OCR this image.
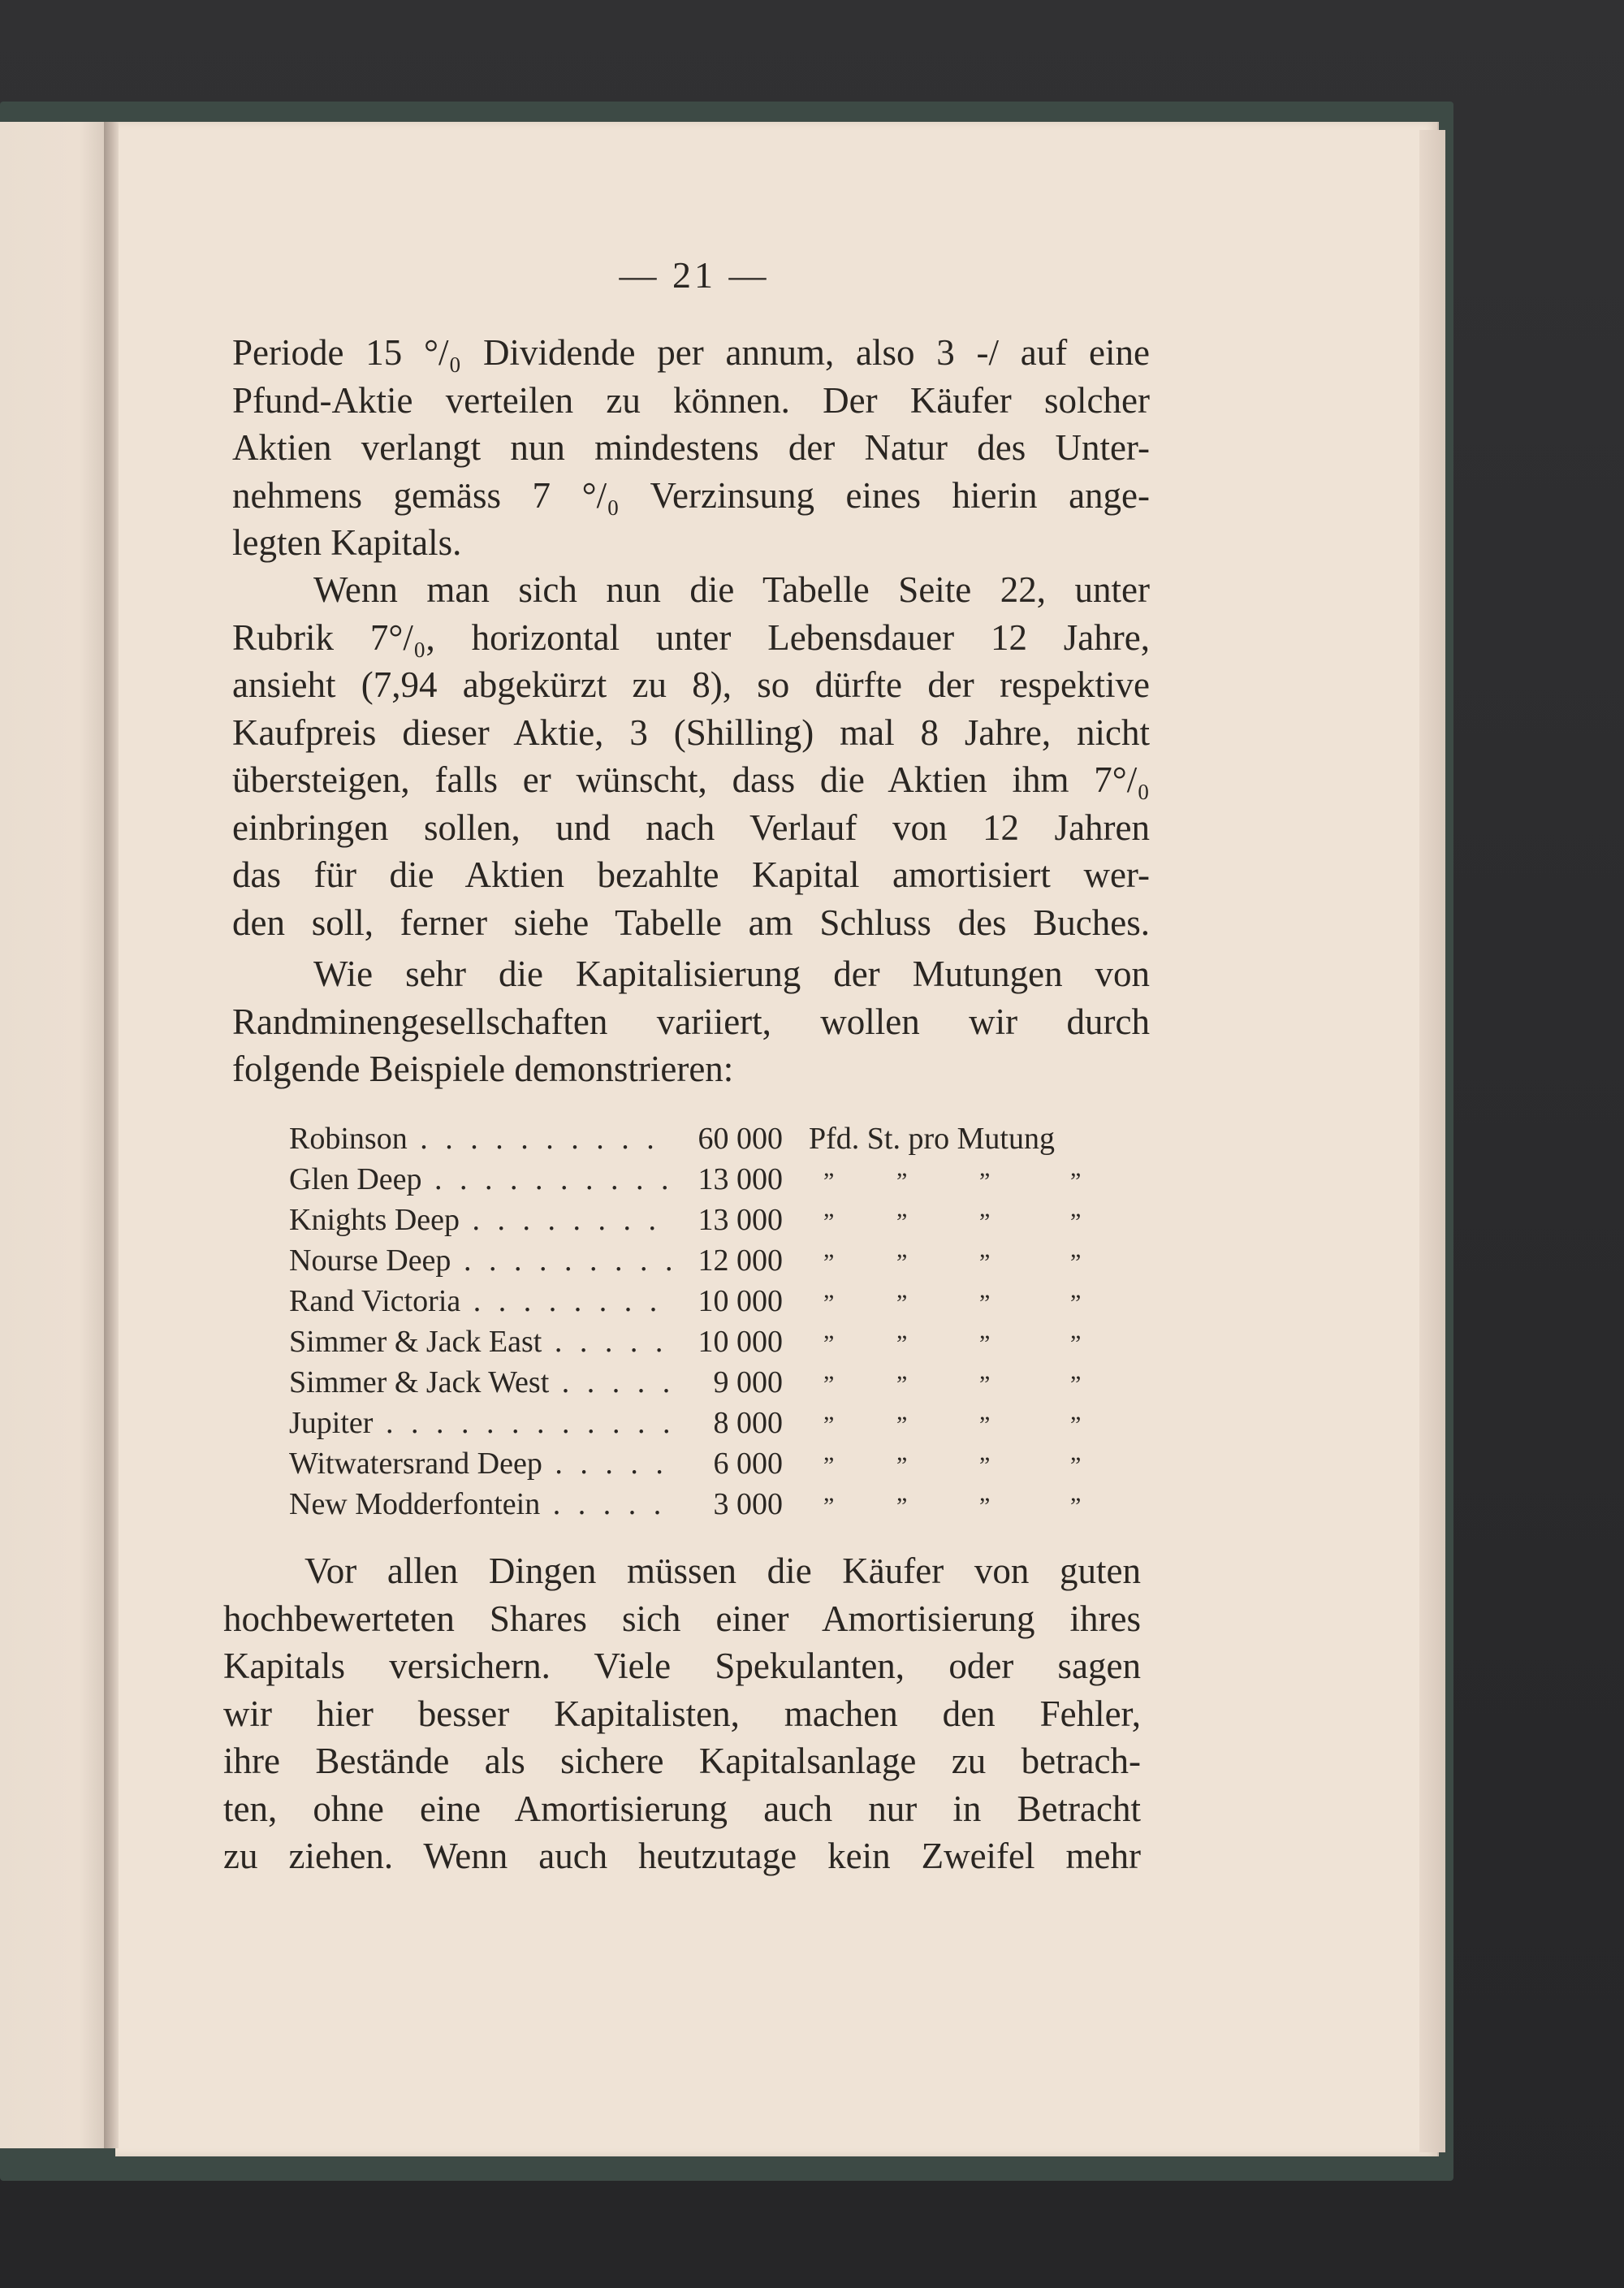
— 21 —
Periode 15 °/₀ Dividende per annum, also 3 -/ auf eine
Pfund-Aktie verteilen zu können. Der Käufer solcher
Aktien verlangt nun mindestens der Natur des Unter-
nehmens gemäss 7 °/₀ Verzinsung eines hierin ange-
legten Kapitals.
Wenn man sich nun die Tabelle Seite 22, unter
Rubrik 7°/₀, horizontal unter Lebensdauer 12 Jahre,
ansieht (7,94 abgekürzt zu 8), so dürfte der respektive
Kaufpreis dieser Aktie, 3 (Shilling) mal 8 Jahre, nicht
übersteigen, falls er wünscht, dass die Aktien ihm 7°/₀
einbringen sollen, und nach Verlauf von 12 Jahren
das für die Aktien bezahlte Kapital amortisiert wer-
den soll, ferner siehe Tabelle am Schluss des Buches.
Wie sehr die Kapitalisierung der Mutungen von
Randminengesellschaften variiert, wollen wir durch
folgende Beispiele demonstrieren:
Robinson . . .	60 000 Pfd. St. pro Mutung
Glen Deep . . .	13 000 ”	”	”	”
Knights Deep . . .	13 000 ”	”	”	”
Nourse Deep . . .	12 000 ”	”	”	”
Rand Victoria . . .	10 000 ”	”	”	”
Simmer & Jack East . . .	10 000 ”	”	”	”
Simmer & Jack West . . .	9 000 ”	”	”	”
Jupiter . . .	8 000 ”	”	”	”
Witwatersrand Deep . . .	6 000 ”	”	”	”
New Modderfontein . . .	3 000 ”	”	”	”
Vor allen Dingen müssen die Käufer von guten
hochbewerteten Shares sich einer Amortisierung ihres
Kapitals versichern. Viele Spekulanten, oder sagen
wir hier besser Kapitalisten, machen den Fehler,
ihre Bestände als sichere Kapitalsanlage zu betrach-
ten, ohne eine Amortisierung auch nur in Betracht
zu ziehen. Wenn auch heutzutage kein Zweifel mehr
